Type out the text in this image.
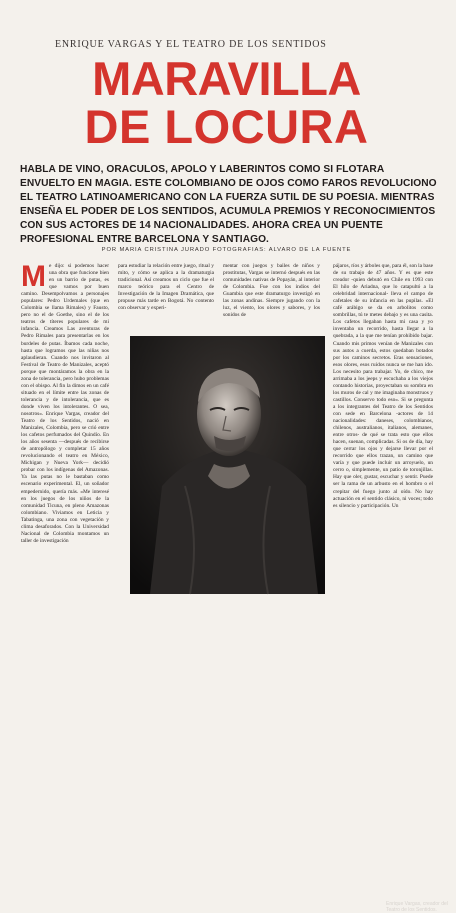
ENRIQUE VARGAS Y EL TEATRO DE LOS SENTIDOS
MARAVILLA
DE LOCURA
HABLA DE VINO, ORACULOS, APOLO Y LABERINTOS COMO SI FLOTARA ENVUELTO EN MAGIA. ESTE COLOMBIANO DE OJOS COMO FAROS REVOLUCIONO EL TEATRO LATINOAMERICANO CON LA FUERZA SUTIL DE SU POESIA. MIENTRAS ENSEÑA EL PODER DE LOS SENTIDOS, ACUMULA PREMIOS Y RECONOCIMIENTOS CON SUS ACTORES DE 14 NACIONALIDADES. AHORA CREA UN PUENTE PROFESIONAL ENTRE BARCELONA Y SANTIAGO.
POR MARIA CRISTINA JURADO FOTOGRAFIAS: ALVARO DE LA FUENTE
M e dijo: si podemos hacer una obra que funcione bien en un barrio de putas, es que vamos por buen camino. Desempolvamos a personajes populares: Pedro Urdemales (que en Colombia se llama Rimales) y Fausto, pero no el de Goethe, sino el de los teatros de títeres populares de mi infancia. Creamos Las aventuras de Pedro Rimales para presentarlas en los burdeles de putas. Íbamos cada noche, hasta que logramos que las niñas nos aplaudieran. Cuando nos invitaron al Festival de Teatro de Manizales, aceptó porque que montáramos la obra en la zona de tolerancia, pero hubo problemas con el obispo. Al fin la dimos en un café situado en el límite entre las zonas de tolerancia y de intolerancia, que es donde viven los intolerantes. O sea, nosotros». Enrique Vargas, creador del Teatro de los Sentidos, nació en Manizales, Colombia, pero se crió entre los cafetos perfumados del Quindío. En los años sesenta —después de recibirse de antropólogo y completar 15 años revolucionando el teatro en México, Michigan y Nueva York— decidió probar con los indígenas del Amazonas. Ya las putas no le bastaban como escenario experimental. El, un soñador empedernido, quería más. «Me interesé en los juegos de los niños de la comunidad Ticuna, en pleno Amazonas colombiano. Viviamos en Leticia y Tabatinga, una zona con vegetación y clima desaforados. Con la Universidad Nacional de Colombia montamos un taller de investigación
para estudiar la relación entre juego, ritual y mito, y cómo se aplica a la dramaturgia tradicional. Así creamos un ciclo que fue el marco teórico para el Centro de Investigación de la Imagen Dramática, que propuse más tarde en Bogotá. No contento con observar y experi-
mentar con juegos y bailes de niños y prostitutas, Vargas se internó después en las comunidades nativas de Popayán, al interior de Colombia. Fue con los indios del Guambia que este dramaturgo investigó en las zonas andinas. Siempre jugando con la luz, el viento, los olores y sabores, y los sonidos de
pájaros, ríos y árboles que, para él, son la base de su trabajo de 47 años. Y es que este creador -quien debutó en Chile en 1993 con El hilo de Ariadna, que lo catapultó a la celebridad internacional- lleva el campo de cafetales de su infancia en las pupilas. «El café arábigo se da en arbolitos como sombrillas, tú te metes debajo y es una casita. Los cafetos llegaban hasta mi casa y yo inventaba un recorrido, hasta llegar a la quebrada, a la que me tenían prohibido bajar. Cuando mis primos venían de Manizales con sus autos a cuerda, estos quedaban botados por los caminos secretos. Eras sensaciones, esos olores, esos ruidos nunca se me han ido. Los necesito para trabajar. Yo, de chico, me arrimaba a los jeeps y escuchaba a los viejos contando historias, proyectaban su sombra en los muros de cal y me imaginaba monstruos y castillos. Conservo todo eso». Si se pregunta a los integrantes del Teatro de los Sentidos con sede en Barcelona -actores de 14 nacionalidades: daneses, colombianos, chilenos, australianos, italianos, alemanes, entre otros- de qué se trata esto que ellos hacen, suenan, complicadas. Si os de día, hay que cerrar los ojos y dejarse llevar por el recorrido que ellos trazan, un camino que varía y que puede incluir un arroyuelo, un cerro o, simplemente, un patio de toronjillas. Hay que oler, gustar, escuchar y sentir. Puede ser la rama de un arbusto en el hombro o el crepitar del fuego junto al oído. No hay actuación en el sentido clásico, ni voces; todo es silencio y participación. Un
Enrique Vargas, creador del Teatro de los Sentidos.
